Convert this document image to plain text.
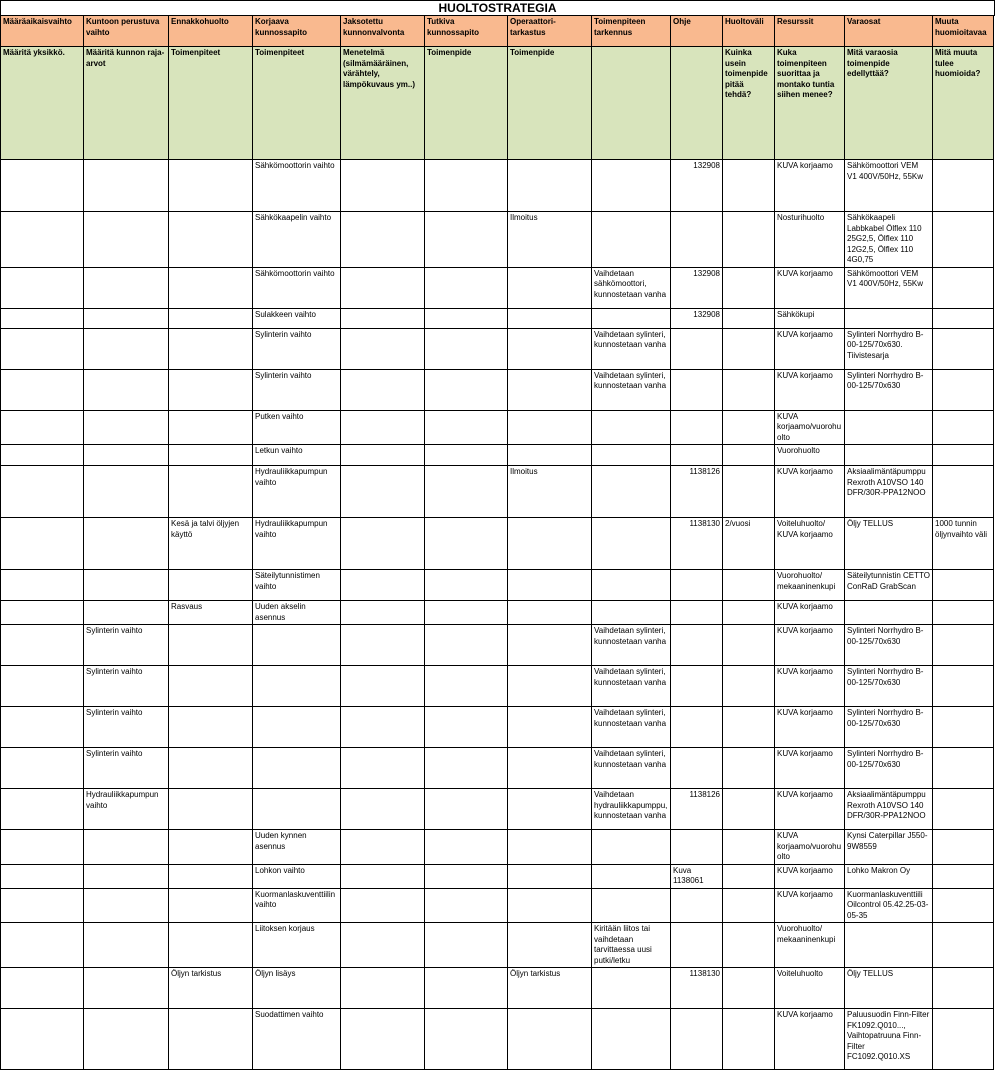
HUOLTOSTRATEGIA
Määräaikaisvaihto	Kuntoon perustuva vaihto	Ennakkohuolto	Korjaava kunnossapito	Jaksotettu kunnonvalvonta	Tutkiva kunnossapito	Operaattori-tarkastus	Toimenpiteen tarkennus	Ohje	Huoltoväli	Resurssit	Varaosat	Muuta huomioitavaa
Määritä yksikkö.	Määritä kunnon raja-arvot	Toimenpiteet	Toimenpiteet	Menetelmä (silmämääräinen, värähtely, lämpökuvaus ym..)	Toimenpide	Toimenpide			Kuinka usein toimenpide pitää tehdä?	Kuka toimenpiteen suorittaa ja montako tuntia siihen menee?	Mitä varaosia toimenpide edellyttää?	Mitä muuta tulee huomioida?
			Sähkömoottorin vaihto					132908		KUVA korjaamo	Sähkömoottori VEM V1 400V/50Hz, 55Kw	
			Sähkökaapelin vaihto			Ilmoitus				Nosturihuolto	Sähkökaapeli Labbkabel Ölflex 110 25G2,5, Ölflex 110 12G2,5, Ölflex 110 4G0,75	
			Sähkömoottorin vaihto				Vaihdetaan sähkömoottori, kunnostetaan vanha	132908		KUVA korjaamo	Sähkömoottori VEM V1 400V/50Hz, 55Kw	
			Sulakkeen vaihto					132908		Sähkökupi		
			Sylinterin vaihto				Vaihdetaan sylinteri, kunnostetaan vanha			KUVA korjaamo	Sylinteri Norrhydro B-00-125/70x630. Tiivistesarja	
			Sylinterin vaihto				Vaihdetaan sylinteri, kunnostetaan vanha			KUVA korjaamo	Sylinteri Norrhydro B-00-125/70x630	
			Putken vaihto							KUVA korjaamo/vuorohuolto		
			Letkun vaihto							Vuorohuolto		
			Hydrauliikkapumpun vaihto			Ilmoitus		1138126		KUVA korjaamo	Aksiaalimäntäpumppu Rexroth A10VSO 140 DFR/30R-PPA12NOO	
		Kesä ja talvi öljyjen käyttö	Hydrauliikkapumpun vaihto					1138130	2/vuosi	Voiteluhuolto/ KUVA korjaamo	Öljy TELLUS	1000 tunnin öljynvaihto väli
			Säteilytunnistimen vaihto							Vuorohuolto/ mekaaninenkupi	Säteilytunnistin CETTO ConRaD GrabScan	
		Rasvaus	Uuden akselin asennus							KUVA korjaamo		
	Sylinterin vaihto						Vaihdetaan sylinteri, kunnostetaan vanha			KUVA korjaamo	Sylinteri Norrhydro B-00-125/70x630	
	Sylinterin vaihto						Vaihdetaan sylinteri, kunnostetaan vanha			KUVA korjaamo	Sylinteri Norrhydro B-00-125/70x630	
	Sylinterin vaihto						Vaihdetaan sylinteri, kunnostetaan vanha			KUVA korjaamo	Sylinteri Norrhydro B-00-125/70x630	
	Sylinterin vaihto						Vaihdetaan sylinteri, kunnostetaan vanha			KUVA korjaamo	Sylinteri Norrhydro B-00-125/70x630	
	Hydrauliikkapumpun vaihto						Vaihdetaan hydrauliikkapumppu, kunnostetaan vanha	1138126		KUVA korjaamo	Aksiaalimäntäpumppu Rexroth A10VSO 140 DFR/30R-PPA12NOO	
			Uuden kynnen asennus							KUVA korjaamo/vuorohuolto	Kynsi Caterpillar J550-9W8559	
			Lohkon vaihto					Kuva 1138061		KUVA korjaamo	Lohko Makron Oy	
			Kuormanlaskuventtiilin vaihto							KUVA korjaamo	Kuormanlaskuventtiili Oilcontrol 05.42.25-03-05-35	
			Liitoksen korjaus				Kiritään liitos tai vaihdetaan tarvittaessa uusi putki/letku			Vuorohuolto/ mekaaninenkupi		
		Öljyn tarkistus	Öljyn lisäys			Öljyn tarkistus		1138130		Voiteluhuolto	Öljy TELLUS	
			Suodattimen vaihto							KUVA korjaamo	Paluusuodin Finn-Filter FK1092.Q010..., Vaihtopatruuna Finn-Filter FC1092.Q010.XS	
